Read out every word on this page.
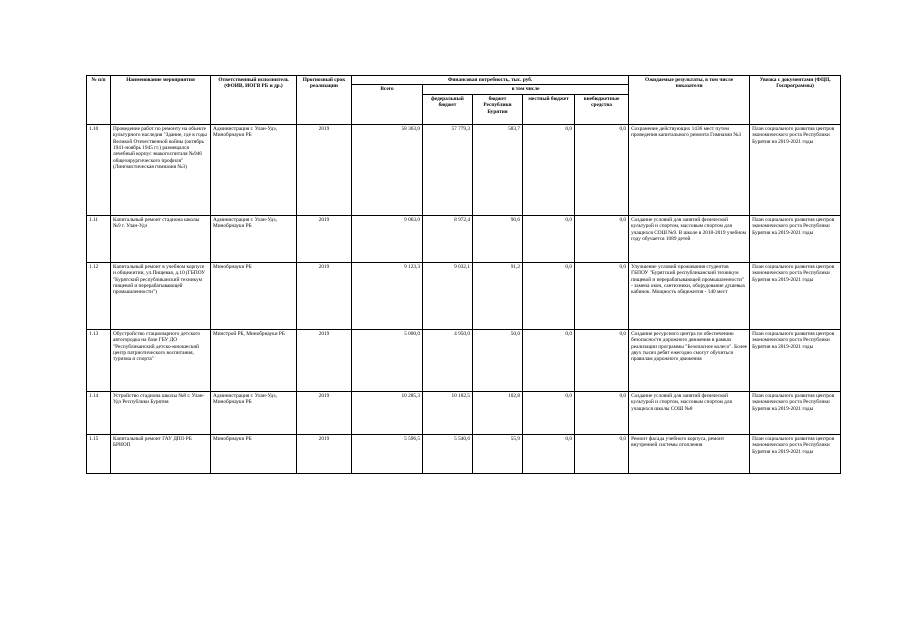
№ п/п	Наименование мероприятия	Ответственный исполнитель (ФОИВ, ИОГВ РБ и др.)	Прогнозный срок реализации	Финансовая потребность, тыс. руб.					Ожидаемые результаты, в том числе показатели	Увязка с документами (ФЦП, Госпрограммы)
				Всего	в том числе					
					федеральный бюджет	бюджет Республики Бурятия	местный бюджет	внебюджетные средства		
1.10	Проведение работ по ремонту на объекте культурного наследия "Здание, где в годы Великой Отечественной войны (октябрь 1941-ноябрь 1945 гг.) размещался лечебный корпус эвакогоспиталя №946 общехирургического профиля" (Лингвистическая гимназия №3)	Администрация г. Улан-Удэ, Минобрнауки РБ	2019	58 363,0	57 779,3	583,7	0,0	0,0	Сохранение действующих 1436 мест путем проведения капитального ремонта Гимназии №3	План социального развития центров экономического роста Республики Бурятия на 2019-2021 годы
1.11	Капитальный ремонт стадиона школы №9 г. Улан-Удэ	Администрация г. Улан-Удэ, Минобрнауки РБ	2019	9 063,0	8 972,4	90,6	0,0	0,0	Создание условий для занятий физической культурой и спортом, массовым спортом для учащихся СОШ №9. В школе в 2018-2019 учебном году обучается 1089 детей	План социального развития центров экономического роста Республики Бурятия на 2019-2021 годы
1.12	Капитальный ремонт в учебном корпусе и общежитии, ул.Пищевая, д.10 (ГБПОУ "Бурятский республиканский техникум пищевой и перерабатывающей промышленности")	Минобрнауки РБ	2019	9 123,3	9 032,1	91,2	0,0	0,0	Улучшение условий проживания студентов ГБПОУ "Бурятский республиканский техникум пищевой и перерабатывающей промышленности" - замена окон, сантехники, оборудование душевых кабинок. Мощность общежития - 140 мест	План социального развития центров экономического роста Республики Бурятия на 2019-2021 годы
1.13	Обустройство стационарного детского автогородка на базе ГБУ ДО "Республиканский детско-юношеский центр патриотического воспитания, туризма и спорта"	Минстрой РБ, Минобрнауки РБ	2019	5 000,0	4 950,0	50,0	0,0	0,0	Создание ресурсного центра по обеспечению безопасности дорожного движения в рамках реализации программы "Безопасное колесо". Более двух тысяч ребят ежегодно смогут обучиться правилам дорожного движения	План социального развития центров экономического роста Республики Бурятия на 2019-2021 годы
1.14	Устройство стадиона школы №8 г. Улан-Удэ Республики Бурятия	Администрация г. Улан-Удэ, Минобрнауки РБ	2019	10 285,3	10 182,5	102,8	0,0	0,0	Создание условий для занятий физической культурой и спортом, массовым спортом для учащихся школы СОШ №8	План социального развития центров экономического роста Республики Бурятия на 2019-2021 годы
1.15	Капитальный ремонт ГАУ ДПО РБ БРИОП	Минобрнауки РБ	2019	5 596,5	5 540,6	55,9	0,0	0,0	Ремонт фасада учебного корпуса, ремонт внутренней системы отопления	План социального развития центров экономического роста Республики Бурятия на 2019-2021 годы
